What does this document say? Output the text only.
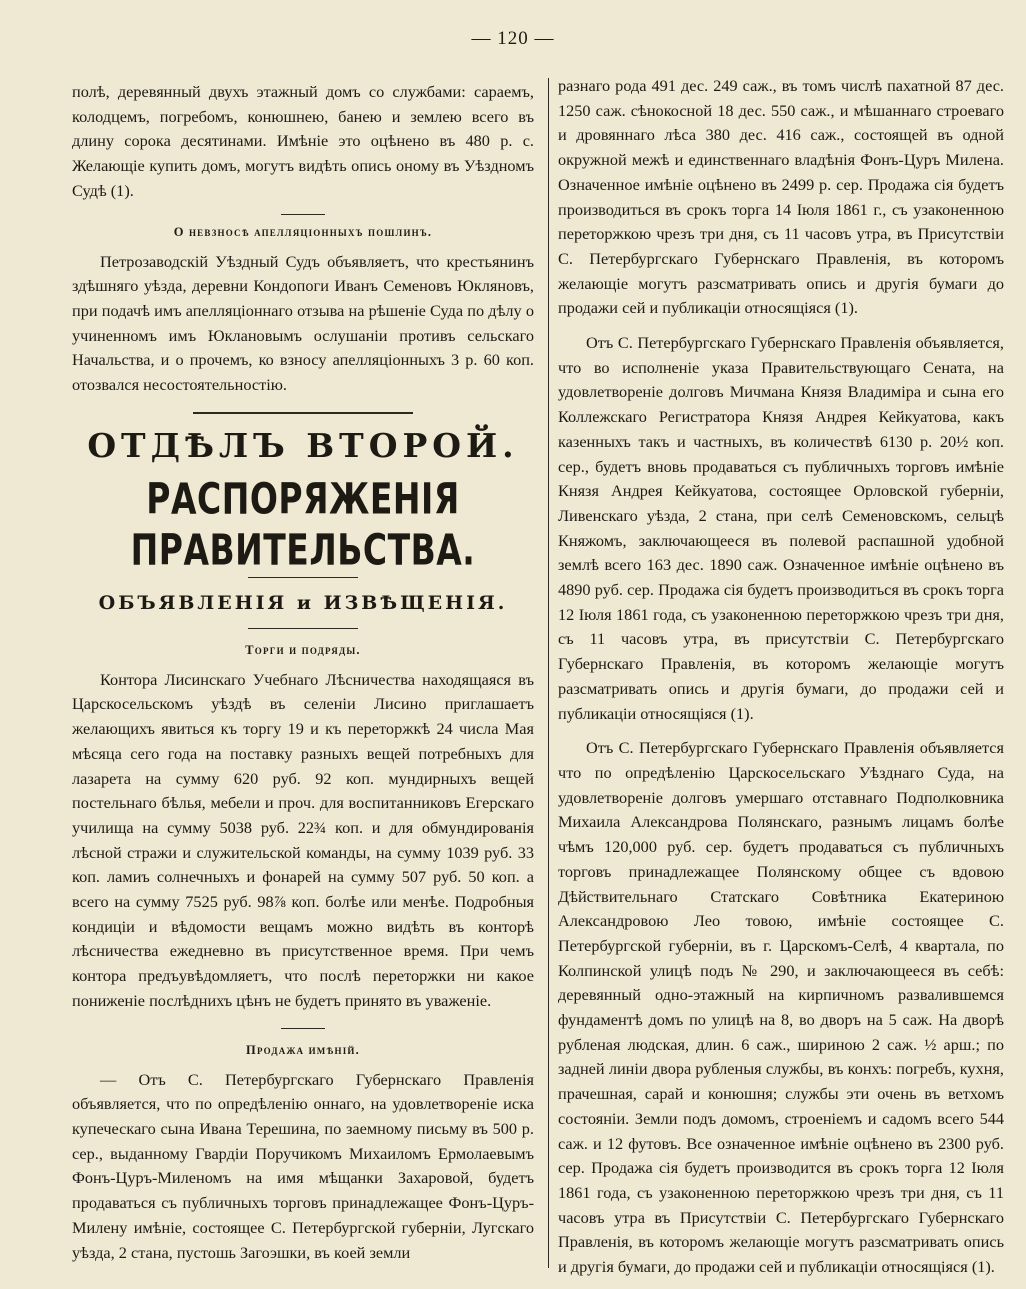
— 120 —

полѣ, деревянный двухъ этажный домъ со службами: сараемъ, колодцемъ, погребомъ, конюшнею, банею и землею всего въ длину сорока десятинами. Имѣніе это оцѣнено въ 480 р. с. Желающіе купить домъ, могутъ видѣть опись оному въ Уѣздномъ Судѣ (1).

О невзносѣ апелляціонныхъ пошлинъ.

Петрозаводскій Уѣздный Судъ объявляетъ, что крестьянинъ здѣшняго уѣзда, деревни Кондопоги Иванъ Семеновъ Юкляновъ, при подачѣ имъ апелляціоннаго отзыва на рѣшеніе Суда по дѣлу о учиненномъ имъ Юклановымъ ослушаніи противъ сельскаго Начальства, и о прочемъ, ко взносу апелляціонныхъ 3 р. 60 коп. отозвался несостоятельностію.

ОТДѢЛЪ ВТОРОЙ.
РАСПОРЯЖЕНІЯ ПРАВИТЕЛЬСТВА.
ОБЪЯВЛЕНІЯ и ИЗВѢЩЕНІЯ.
Торги и подряды.

Контора Лисинскаго Учебнаго Лѣсничества находящаяся въ Царскосельскомъ уѣздѣ въ селеніи Лисино приглашаетъ желающихъ явиться къ торгу 19 и къ переторжкѣ 24 числа Мая мѣсяца сего года на поставку разныхъ вещей потребныхъ для лазарета на сумму 620 руб. 92 коп. мундирныхъ вещей постельнаго бѣлья, мебели и проч. для воспитанниковъ Егерскаго училища на сумму 5038 руб. 22¾ коп. и для обмундированія лѣсной стражи и служительской команды, на сумму 1039 руб. 33 коп. ламиъ солнечныхъ и фонарей на сумму 507 руб. 50 коп. а всего на сумму 7525 руб. 98⅞ коп. болѣе или менѣе. Подробныя кондиціи и вѣдомости вещамъ можно видѣть въ конторѣ лѣсничества ежедневно въ присутственное время. При чемъ контора предъувѣдомляетъ, что послѣ переторжки ни какое пониженіе послѣднихъ цѣнъ не будетъ принято въ уваженіе.

Продажа имѣній.

— Отъ С. Петербургскаго Губернскаго Правленія объявляется, что по опредѣленію оннаго, на удовлетвореніе иска купеческаго сына Ивана Терешина, по заемному письму въ 500 р. сер., выданному Гвардіи Поручикомъ Михаиломъ Ермолаевымъ Фонъ-Цуръ-Миленомъ на имя мѣщанки Захаровой, будетъ продаваться съ публичныхъ торговъ принадлежащее Фонъ-Цуръ-Милену имѣніе, состоящее С. Петербургской губерніи, Лугскаго уѣзда, 2 стана, пустошь Загоэшки, въ коей земли

разнаго рода 491 дес. 249 саж., въ томъ числѣ пахатной 87 дес. 1250 саж. сѣнокосной 18 дес. 550 саж., и мѣшаннаго строеваго и дровяннаго лѣса 380 дес. 416 саж., состоящей въ одной окружной межѣ и единственнаго владѣнія Фонъ-Цуръ Милена. Означенное имѣніе оцѣнено въ 2499 р. сер. Продажа сія будетъ производиться въ срокъ торга 14 Іюля 1861 г., съ узаконенною переторжкою чрезъ три дня, съ 11 часовъ утра, въ Присутствіи С. Петербургскаго Губернскаго Правленія, въ которомъ желающіе могутъ разсматривать опись и другія бумаги до продажи сей и публикаціи относящіяся (1).

Отъ С. Петербургскаго Губернскаго Правленія объявляется, что во исполненіе указа Правительствующаго Сената, на удовлетвореніе долговъ Мичмана Князя Владиміра и сына его Коллежскаго Регистратора Князя Андрея Кейкуатова, какъ казенныхъ такъ и частныхъ, въ количествѣ 6130 р. 20½ коп. сер., будетъ вновь продаваться съ публичныхъ торговъ имѣніе Князя Андрея Кейкуатова, состоящее Орловской губерніи, Ливенскаго уѣзда, 2 стана, при селѣ Семеновскомъ, сельцѣ Княжомъ, заключающееся въ полевой распашной удобной землѣ всего 163 дес. 1890 саж. Означенное имѣніе оцѣнено въ 4890 руб. сер. Продажа сія будетъ производиться въ срокъ торга 12 Іюля 1861 года, съ узаконенною переторжкою чрезъ три дня, съ 11 часовъ утра, въ присутствіи С. Петербургскаго Губернскаго Правленія, въ которомъ желающіе могутъ разсматривать опись и другія бумаги, до продажи сей и публикаціи относящіяся (1).

Отъ С. Петербургскаго Губернскаго Правленія объявляется что по опредѣленію Царскосельскаго Уѣзднаго Суда, на удовлетвореніе долговъ умершаго отставнаго Подполковника Михаила Александрова Полянскаго, разнымъ лицамъ болѣе чѣмъ 120,000 руб. сер. будетъ продаваться съ публичныхъ торговъ принадлежащее Полянскому общее съ вдовою Дѣйствительнаго Статскаго Совѣтника Екатериною Александровою Лео товою, имѣніе состоящее С. Петербургской губерніи, въ г. Царскомъ-Селѣ, 4 квартала, по Колпинской улицѣ подъ № 290, и заключающееся въ себѣ: деревянный одно-этажный на кирпичномъ развалившемся фундаментѣ домъ по улицѣ на 8, во дворъ на 5 саж. На дворѣ рубленая людская, длин. 6 саж., шириною 2 саж. ½ арш.; по задней линіи двора рубленыя службы, въ конхъ: погребъ, кухня, прачешная, сарай и конюшня; службы эти очень въ ветхомъ состояніи. Земли подъ домомъ, строеніемъ и садомъ всего 544 саж. и 12 футовъ. Все означенное имѣніе оцѣнено въ 2300 руб. сер. Продажа сія будетъ производится въ срокъ торга 12 Іюля 1861 года, съ узаконенною переторжкою чрезъ три дня, съ 11 часовъ утра въ Присутствіи С. Петербургскаго Губернскаго Правленія, въ которомъ желающіе могутъ разсматривать опись и другія бумаги, до продажи сей и публикаціи относящіяся (1).
